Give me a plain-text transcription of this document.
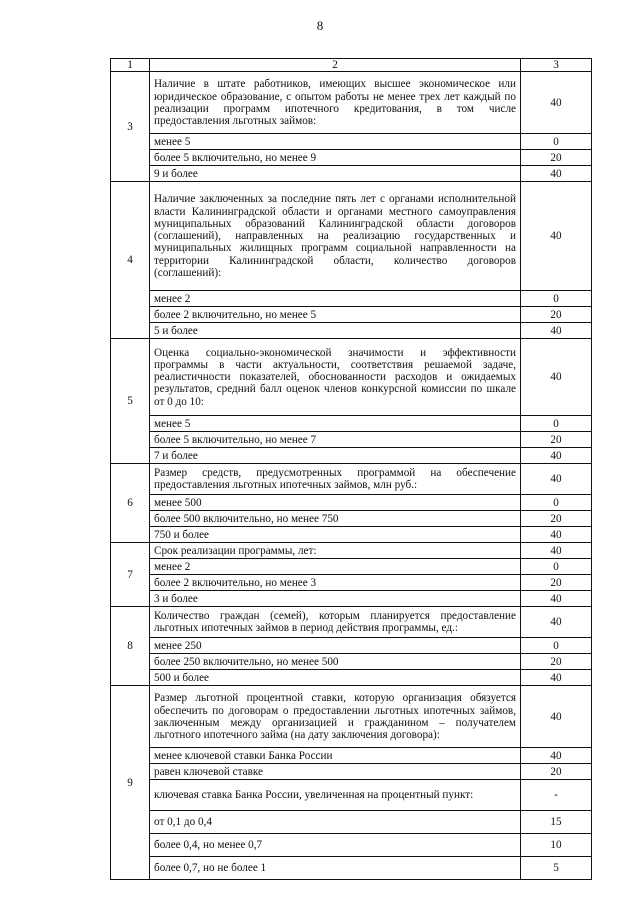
8
1	2	3
3	Наличие в штате работников, имеющих высшее экономическое или юридическое образование, с опытом работы не менее трех лет каждый по реализации программ ипотечного кредитования, в том числе предоставления льготных займов:	40
	менее 5	0
	более 5 включительно, но менее 9	20
	9 и более	40
4	Наличие заключенных за последние пять лет с органами исполнительной власти Калининградской области и органами местного самоуправления муниципальных образований Калининградской области договоров (соглашений), направленных на реализацию государственных и муниципальных жилищных программ социальной направленности на территории Калининградской области, количество договоров (соглашений):	40
	менее 2	0
	более 2 включительно, но менее 5	20
	5 и более	40
5	Оценка социально-экономической значимости и эффективности программы в части актуальности, соответствия решаемой задаче, реалистичности показателей, обоснованности расходов и ожидаемых результатов, средний балл оценок членов конкурсной комиссии по шкале от 0 до 10:	40
	менее 5	0
	более 5 включительно, но менее 7	20
	7 и более	40
6	Размер средств, предусмотренных программой на обеспечение предоставления льготных ипотечных займов, млн руб.:	40
	менее 500	0
	более 500 включительно, но менее 750	20
	750 и более	40
7	Срок реализации программы, лет:	40
	менее 2	0
	более 2 включительно, но менее 3	20
	3 и более	40
8	Количество граждан (семей), которым планируется предоставление льготных ипотечных займов в период действия программы, ед.:	40
	менее 250	0
	более 250 включительно, но менее 500	20
	500 и более	40
9	Размер льготной процентной ставки, которую организация обязуется обеспечить по договорам о предоставлении льготных ипотечных займов, заключенным между организацией и гражданином – получателем льготного ипотечного займа (на дату заключения договора):	40
	менее ключевой ставки Банка России	40
	равен ключевой ставке	20
	ключевая ставка Банка России, увеличенная на процентный пункт:	-
	от 0,1 до 0,4	15
	более 0,4, но менее 0,7	10
	более 0,7, но не более 1	5
